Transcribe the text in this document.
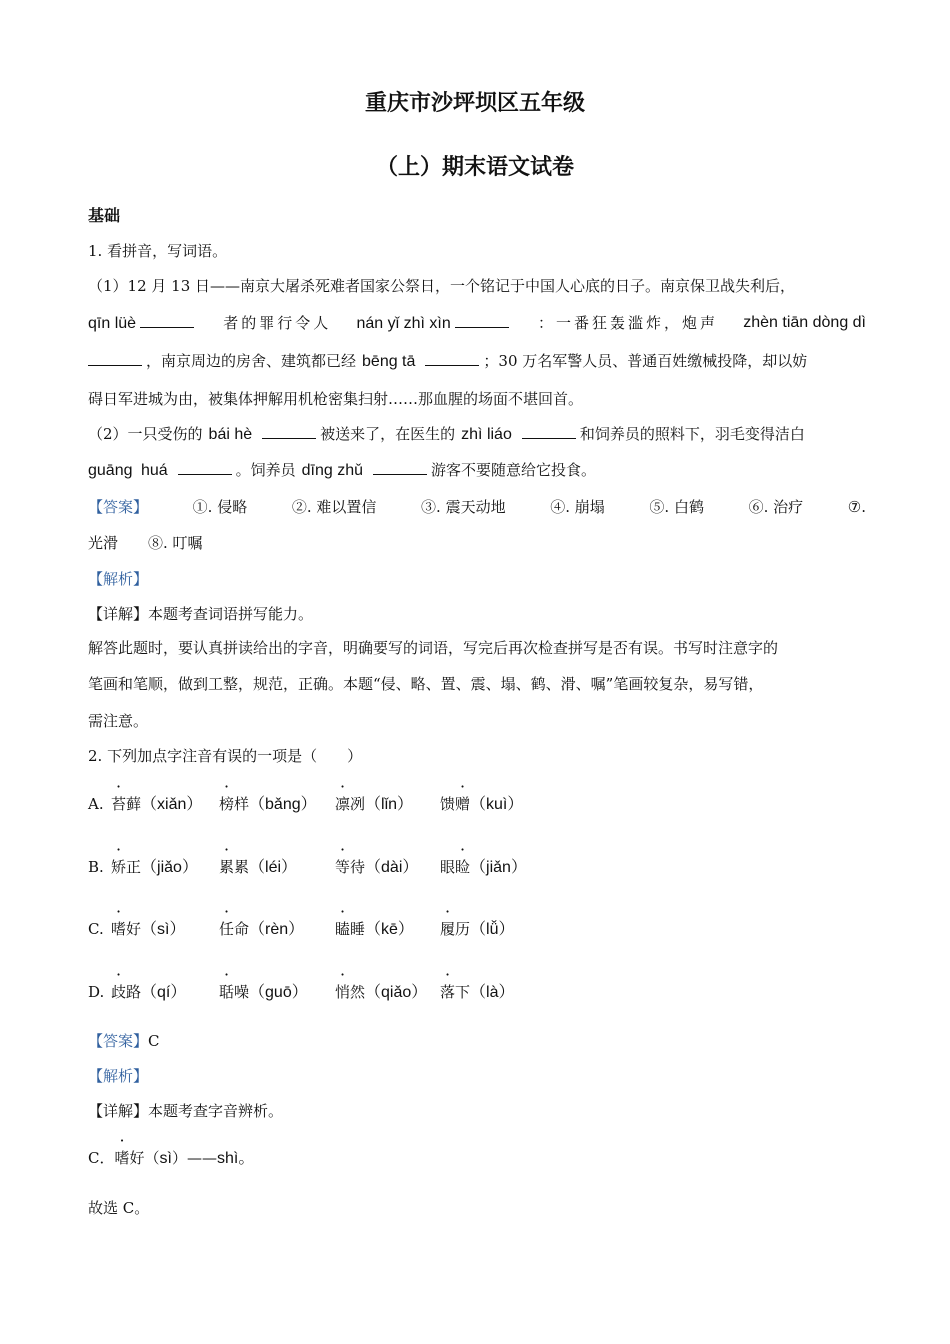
重庆市沙坪坝区五年级
（上）期末语文试卷
基础
1. 看拼音，写词语。
（1）12 月 13 日——南京大屠杀死难者国家公祭日，一个铭记于中国人心底的日子。南京保卫战失利后，
qīn lüè	者的罪行令人 nán yǐ zhì xìn	：一番狂轰滥炸，炮声 zhèn tiān dòng dì
，南京周边的房舍、建筑都已经 bēng tā	；30 万名军警人员、普通百姓缴械投降，却以妨
碍日军进城为由，被集体押解用机枪密集扫射……那血腥的场面不堪回首。
（2）一只受伤的 bái hè	被送来了，在医生的 zhì liáo	和饲养员的照料下，羽毛变得洁白
guāng huá	。饲养员 dīng zhǔ	游客不要随意给它投食。
【答案】	①. 侵略	②. 难以置信	③. 震天动地	④. 崩塌	⑤. 白鹤	⑥. 治疗	⑦.
光滑　　⑧. 叮嘱
【解析】
【详解】本题考查词语拼写能力。
解答此题时，要认真拼读给出的字音，明确要写的词语，写完后再次检查拼写是否有误。书写时注意字的
笔画和笔顺，做到工整，规范，正确。本题“侵、略、置、震、塌、鹤、滑、嘱”笔画较复杂，易写错，
需注意。
2. 下列加点字注音有误的一项是（　　）
A. 苔藓（xiǎn） 榜样（bǎng） 凛冽（lǐn） 馈赠（kuì）
B. 矫正（jiǎo） 累累（léi）	等待（dài） 眼睑（jiǎn）
C. 嗜好（sì） 任命（rèn） 瞌睡（kē） 履历（lǚ）
D. 歧路（qí） 聒噪（guō） 悄然（qiǎo） 落下（là）
【答案】C
【解析】
【详解】本题考查字音辨析。
C．嗜好（sì）——shì。
故选 C。
